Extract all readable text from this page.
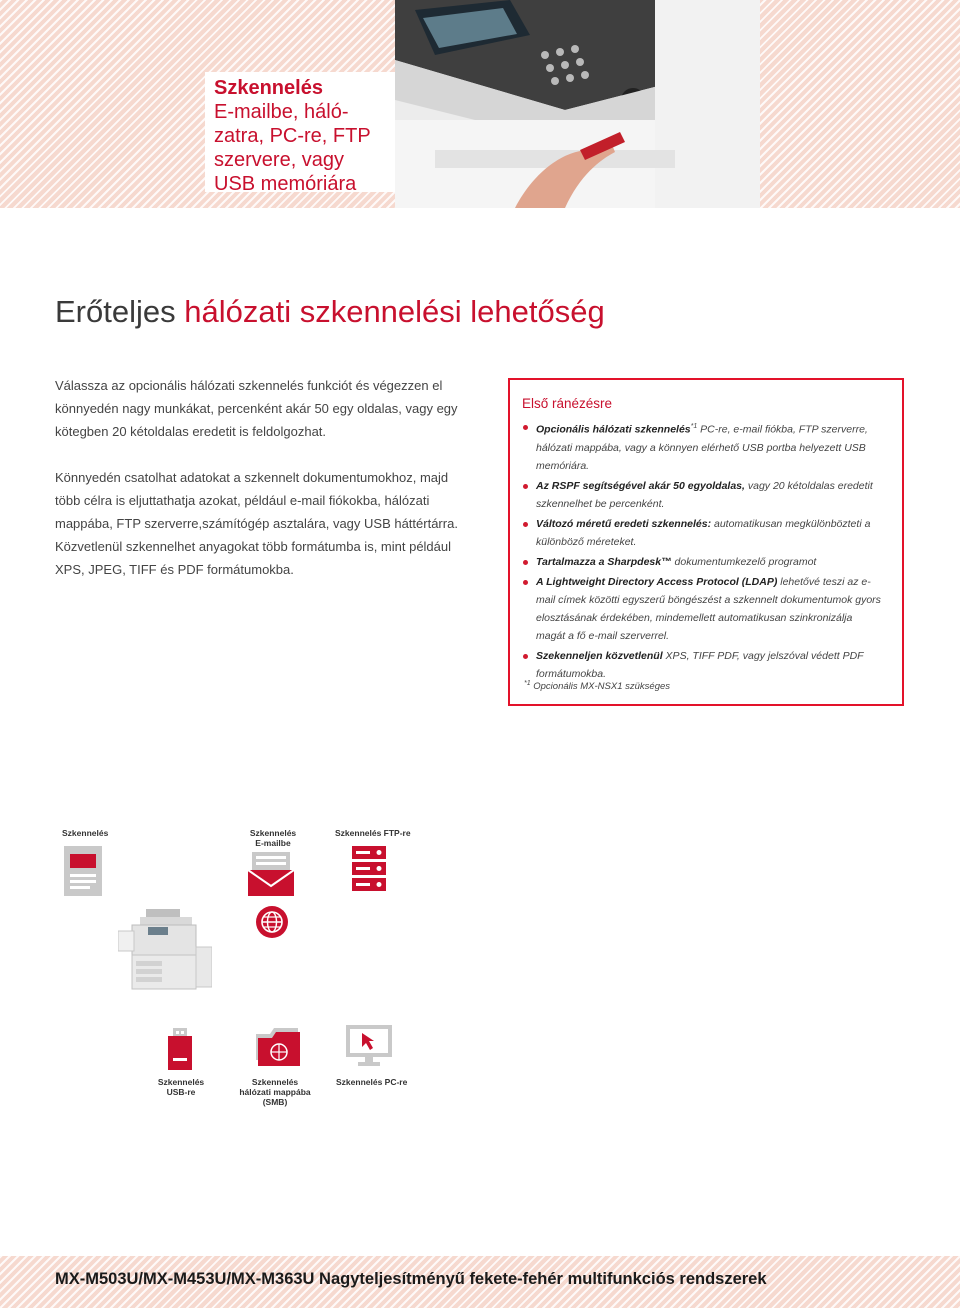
Szkennelés
E-mailbe, háló-
zatra, PC-re, FTP
szervere, vagy
USB memóriára
Erőteljes hálózati szkennelési lehetőség

Válassza az opcionális hálózati szkennelés funkciót és végezzen el könnyedén nagy munkákat, percenként akár 50 egy oldalas, vagy egy kötegben 20 kétoldalas eredetit is feldolgozhat.

Könnyedén csatolhat adatokat a szkennelt dokumentumokhoz, majd több célra is eljuttathatja azokat, például e-mail fiókokba, hálózati mappába, FTP szerverre,számítógép asztalára, vagy USB háttértárra. Közvetlenül szkennelhet anyagokat több formátumba is, mint például XPS, JPEG, TIFF és PDF formátumokba.

Első ránézésre
Opcionális hálózati szkennelés$^{*1}$ PC-re, e-mail fiókba, FTP szerverre, hálózati mappába, vagy a könnyen elérhető USB portba helyezett USB memóriára.
Az RSPF segítségével akár 50 egyoldalas, vagy 20 kétoldalas eredetit szkennelhet be percenként.
Változó méretű eredeti szkennelés: automatikusan megkülönbözteti a különböző méreteket.
Tartalmazza a Sharpdesk™ dokumentumkezelő programot
A Lightweight Directory Access Protocol (LDAP) lehetővé teszi az e-mail címek közötti egyszerű böngészést a szkennelt dokumentumok gyors elosztásának érdekében, mindemellett automatikusan szinkronizálja magát a fő e-mail szerverrel.
Szekenneljen közvetlenül XPS, TIFF PDF, vagy jelszóval védett PDF formátumokba.
$^{*1}$ Opcionális MX-NSX1 szükséges
Szkennelés	Szkennelés
E-mailbe
Szkennelés FTP-re
Szkennelés
USB-re
Szkennelés
hálózati mappába
(SMB)
Szkennelés PC-re
MX-M503U/MX-M453U/MX-M363U Nagyteljesítményű fekete-fehér multifunkciós rendszerek
